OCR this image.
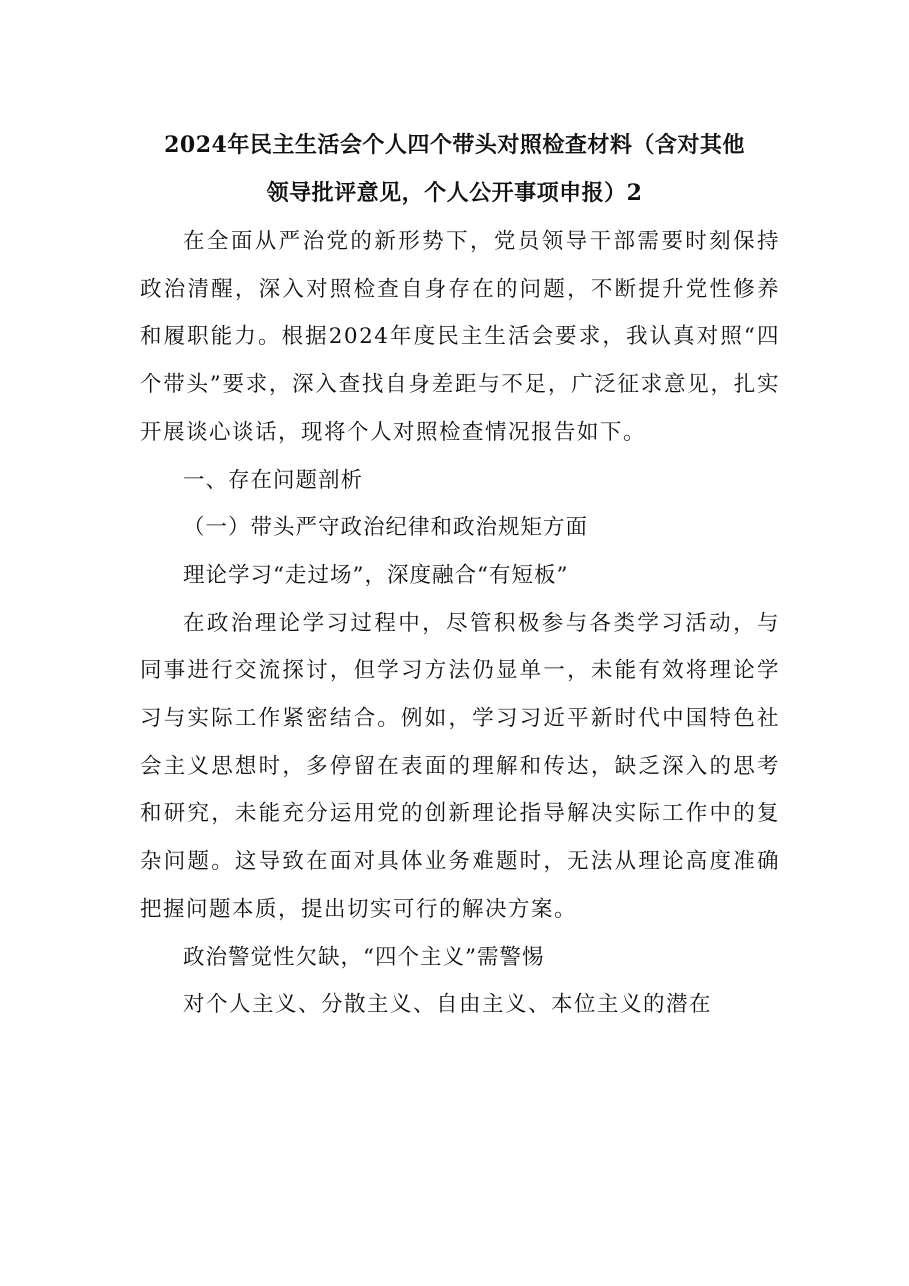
2024年民主生活会个人四个带头对照检查材料（含对其他
领导批评意见，个人公开事项申报）2

在全面从严治党的新形势下，党员领导干部需要时刻保持政治清醒，深入对照检查自身存在的问题，不断提升党性修养和履职能力。根据2024年度民主生活会要求，我认真对照“四个带头”要求，深入查找自身差距与不足，广泛征求意见，扎实开展谈心谈话，现将个人对照检查情况报告如下。

一、存在问题剖析

（一）带头严守政治纪律和政治规矩方面

理论学习“走过场”，深度融合“有短板”

在政治理论学习过程中，尽管积极参与各类学习活动，与同事进行交流探讨，但学习方法仍显单一，未能有效将理论学习与实际工作紧密结合。例如，学习习近平新时代中国特色社会主义思想时，多停留在表面的理解和传达，缺乏深入的思考和研究，未能充分运用党的创新理论指导解决实际工作中的复杂问题。这导致在面对具体业务难题时，无法从理论高度准确把握问题本质，提出切实可行的解决方案。

政治警觉性欠缺，“四个主义”需警惕

对个人主义、分散主义、自由主义、本位主义的潜在
